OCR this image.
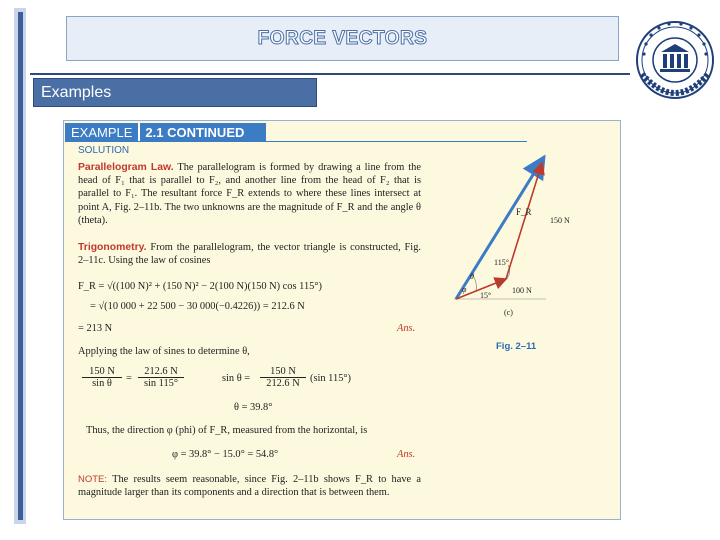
FORCE VECTORS
Examples
EXAMPLE	2.1 CONTINUED
SOLUTION

Parallelogram Law. The parallelogram is formed by drawing a line from the head of F₁ that is parallel to F₂, and another line from the head of F₂ that is parallel to F₁. The resultant force F_R extends to where these lines intersect at point A, Fig. 2–11b. The two unknowns are the magnitude of F_R and the angle θ (theta).

Trigonometry. From the parallelogram, the vector triangle is constructed, Fig. 2–11c. Using the law of cosines

F_R = √((100 N)² + (150 N)² − 2(100 N)(150 N) cos 115°)
= √(10 000 + 22 500 − 30 000(−0.4226)) = 212.6 N
= 213 N	Ans.
Applying the law of sines to determine θ,
$\frac{150 N}{\text{sin θ}} = \frac{212.6 N}{\sin 115^\circ}$	$\sin \theta = \frac{150 N}{212.6 N} (\sin$ 115°)
θ = 39.8°
Thus, the direction φ (phi) of F_R, measured from the horizontal, is
φ = 39.8° − 15.0° = 54.8°	Ans.

NOTE: The results seem reasonable, since Fig. 2–11b shows F_R to have a magnitude larger than its components and a direction that is between them.

F_R
150 N
100 N
115°
15°
θ
φ
(c)
Fig. 2–11
